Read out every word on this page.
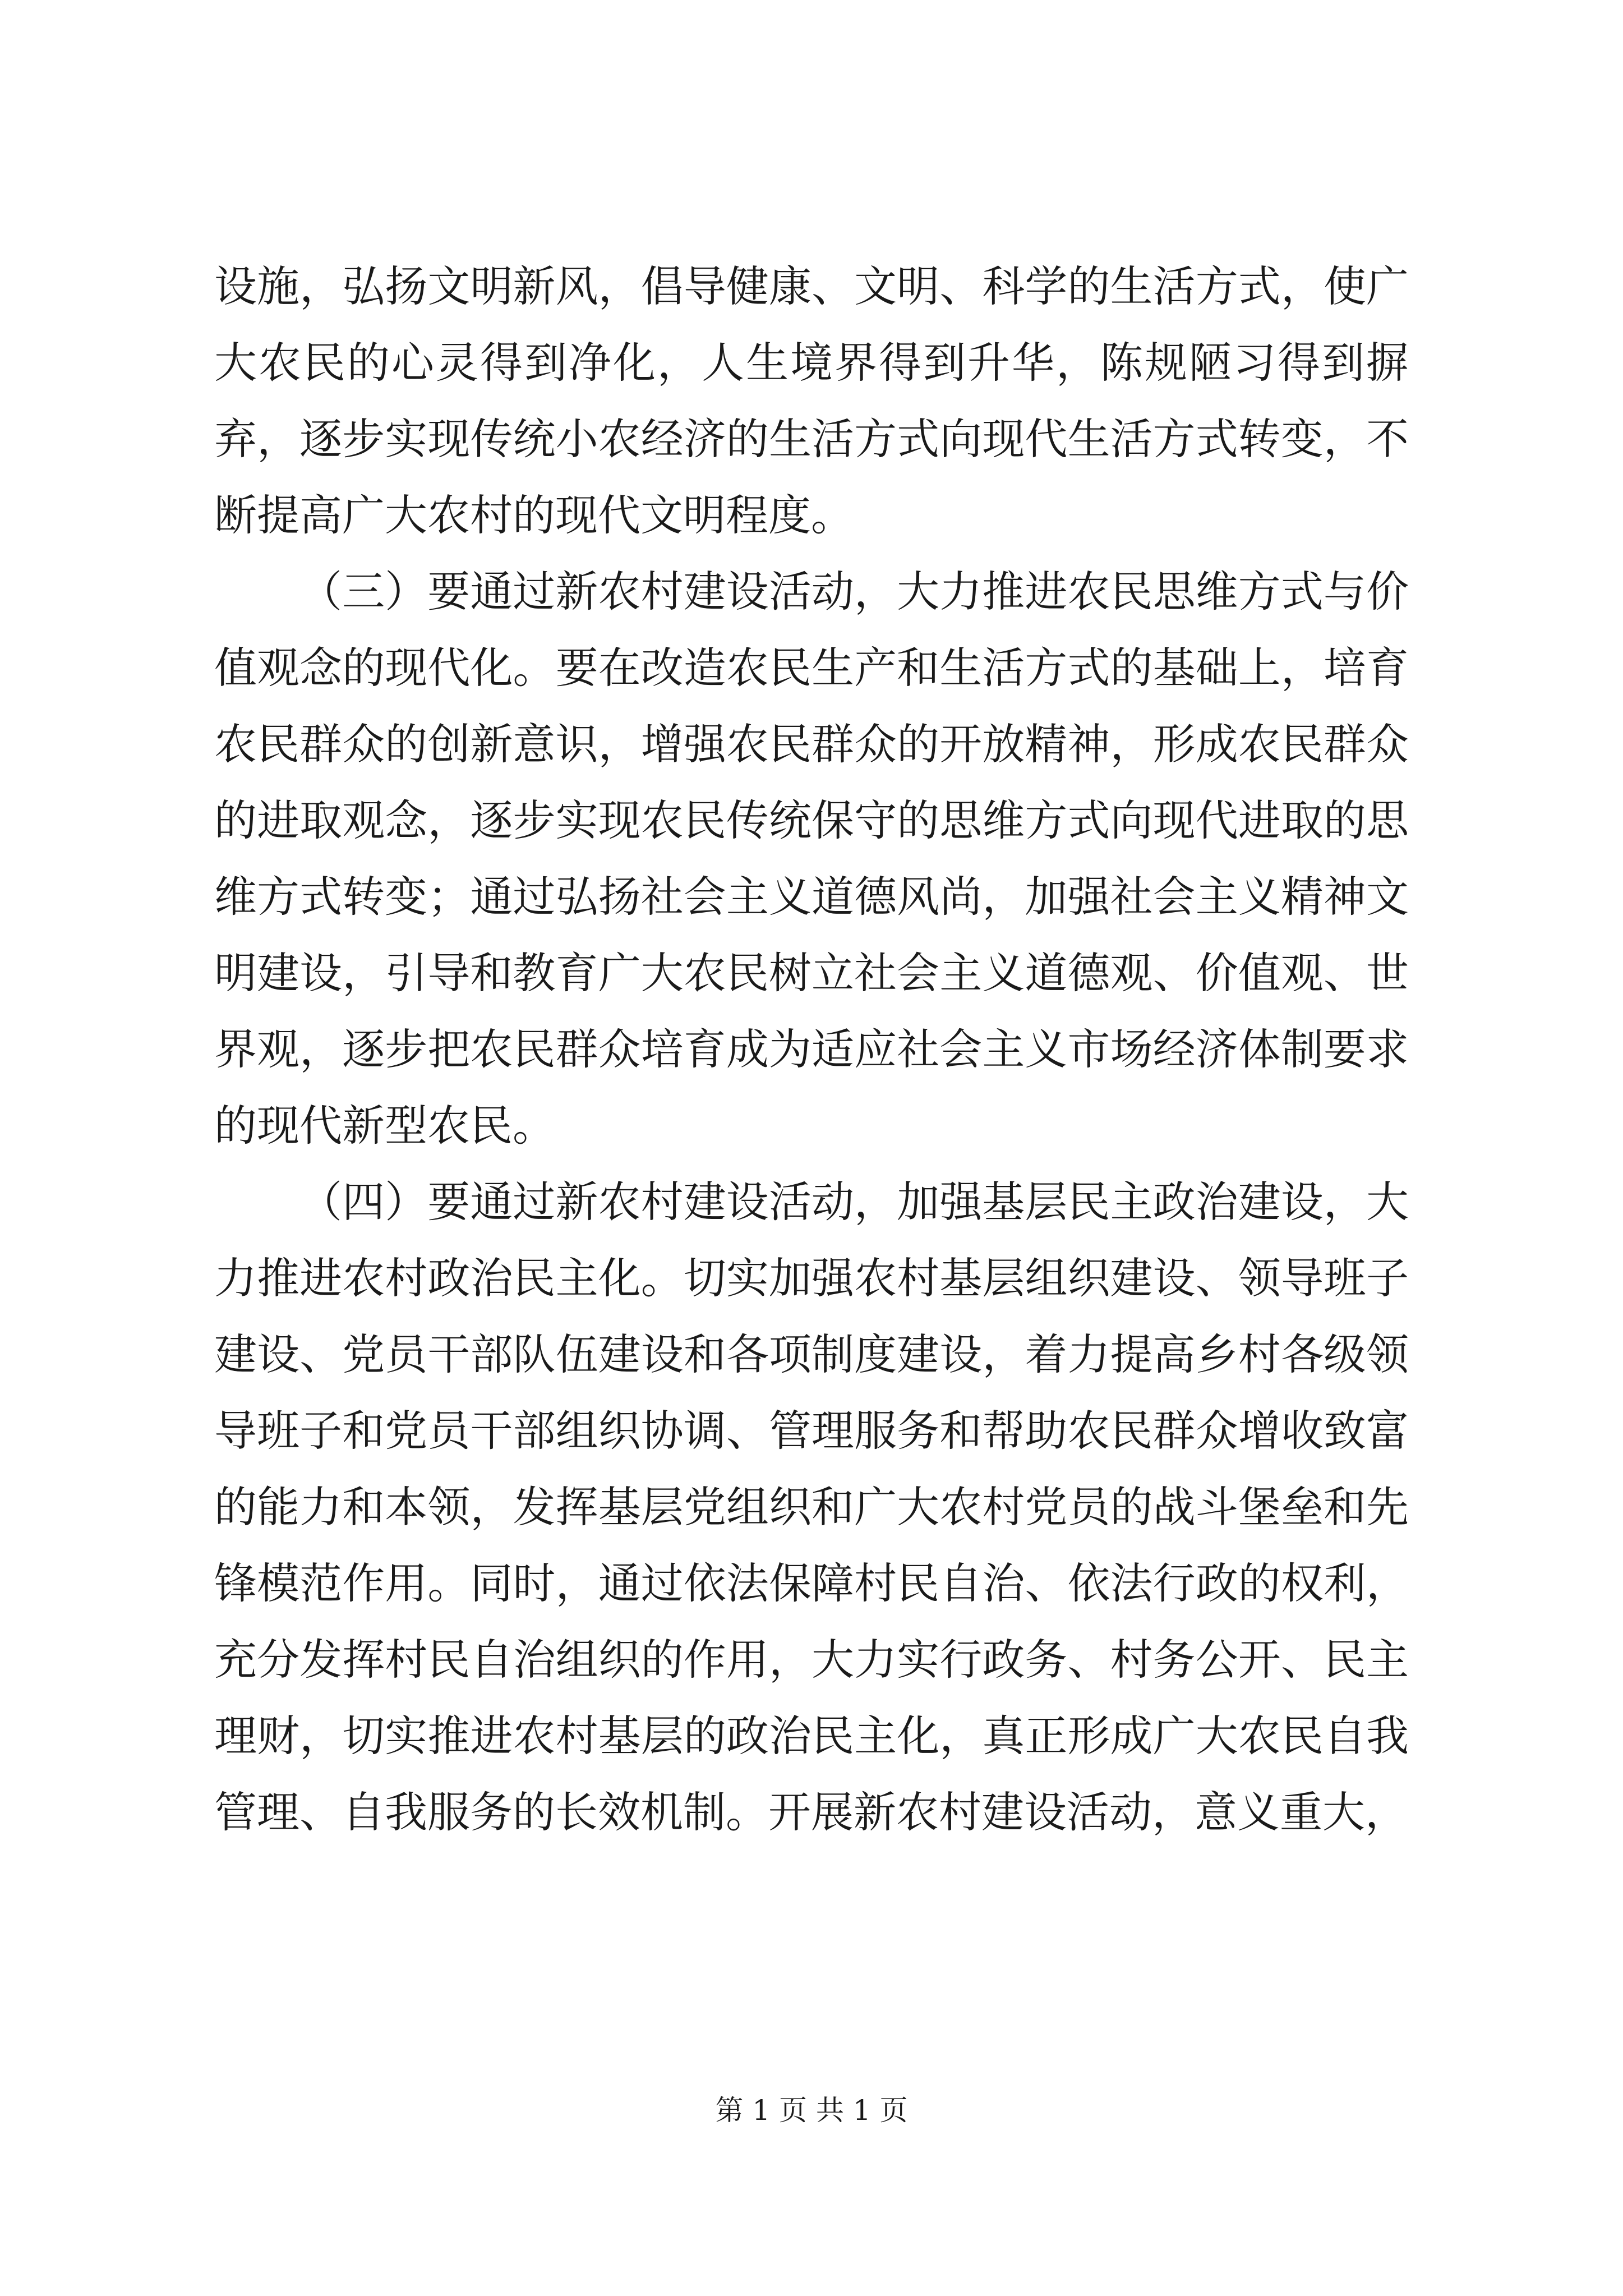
设施，弘扬文明新风，倡导健康、文明、科学的生活方式，使广大农民的心灵得到净化，人生境界得到升华，陈规陋习得到摒弃，逐步实现传统小农经济的生活方式向现代生活方式转变，不断提高广大农村的现代文明程度。

（三）要通过新农村建设活动，大力推进农民思维方式与价值观念的现代化。要在改造农民生产和生活方式的基础上，培育农民群众的创新意识，增强农民群众的开放精神，形成农民群众的进取观念，逐步实现农民传统保守的思维方式向现代进取的思维方式转变；通过弘扬社会主义道德风尚，加强社会主义精神文明建设，引导和教育广大农民树立社会主义道德观、价值观、世界观，逐步把农民群众培育成为适应社会主义市场经济体制要求的现代新型农民。

（四）要通过新农村建设活动，加强基层民主政治建设，大力推进农村政治民主化。切实加强农村基层组织建设、领导班子建设、党员干部队伍建设和各项制度建设，着力提高乡村各级领导班子和党员干部组织协调、管理服务和帮助农民群众增收致富的能力和本领，发挥基层党组织和广大农村党员的战斗堡垒和先锋模范作用。同时，通过依法保障村民自治、依法行政的权利，充分发挥村民自治组织的作用，大力实行政务、村务公开、民主理财，切实推进农村基层的政治民主化，真正形成广大农民自我管理、自我服务的长效机制。开展新农村建设活动，意义重大，

第 1 页 共 1 页
